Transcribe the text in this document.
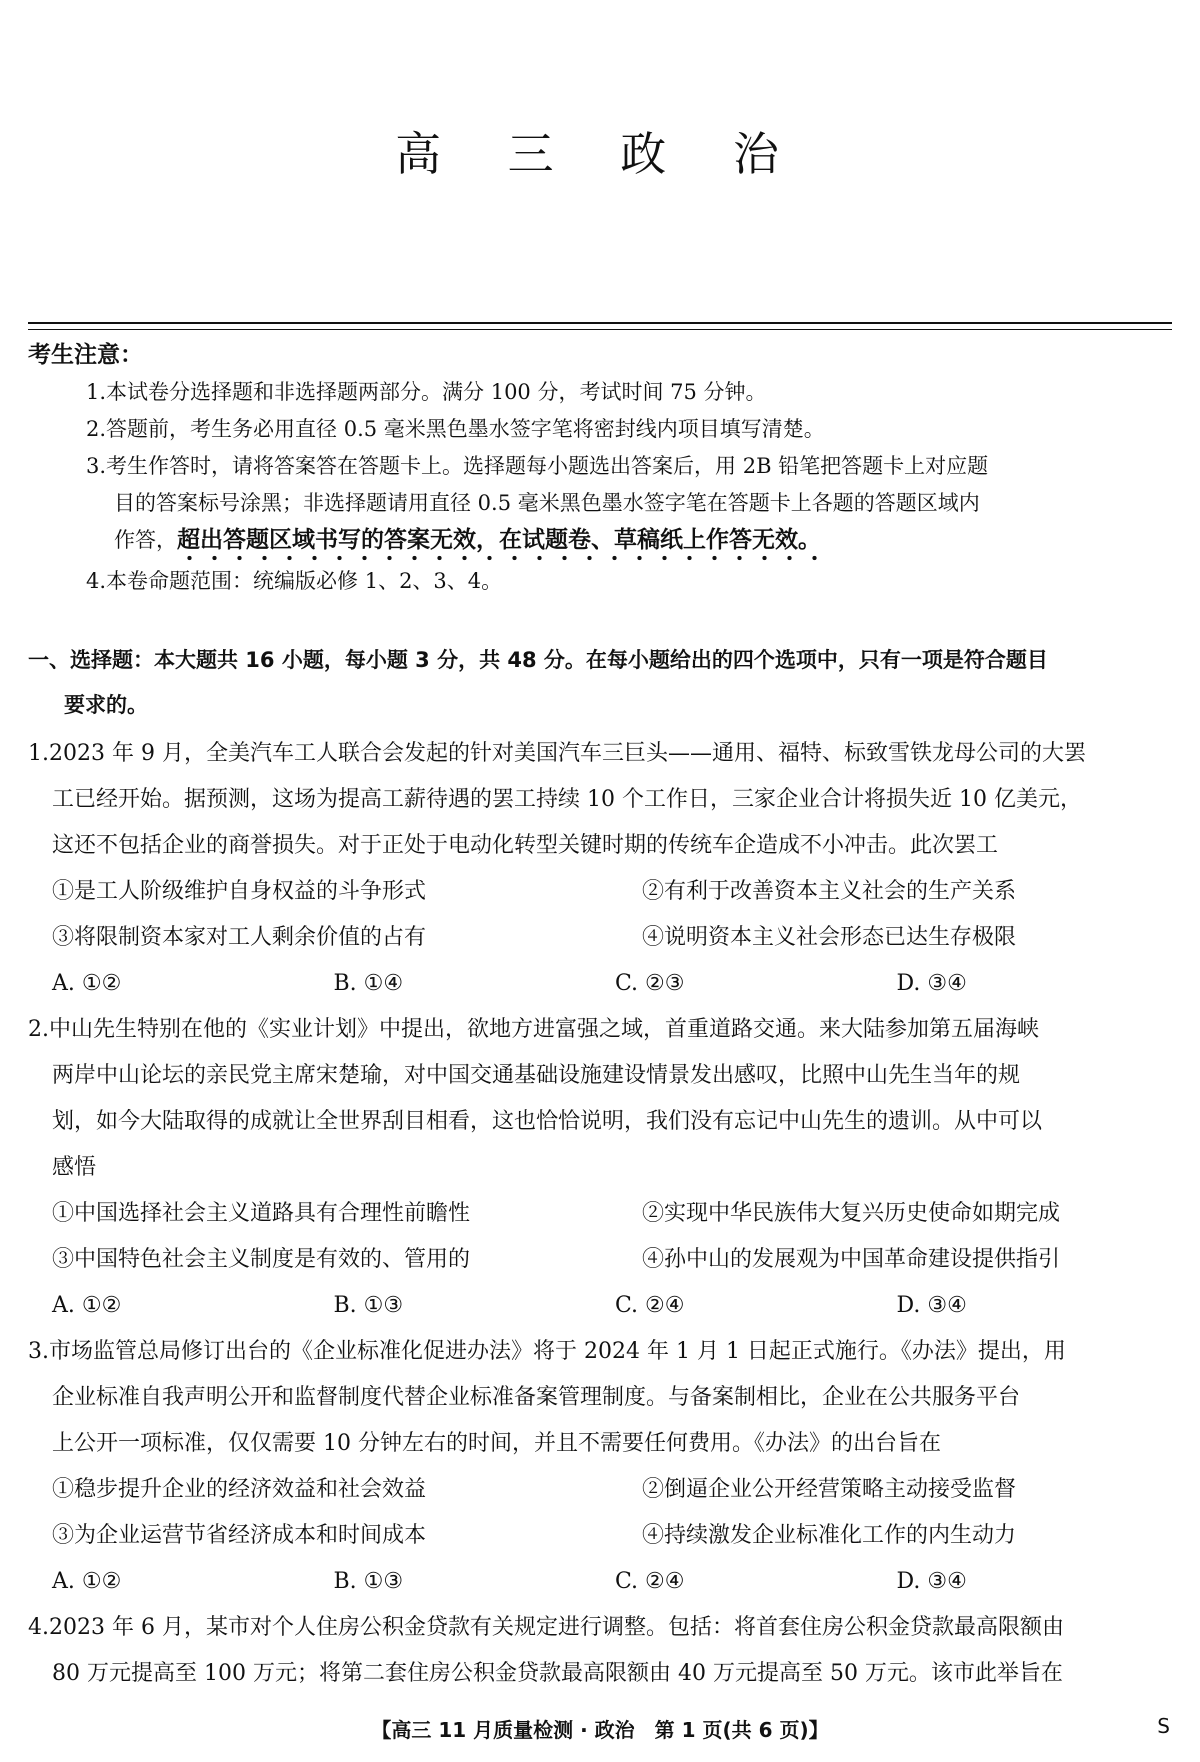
高 三 政 治
考生注意：
1.本试卷分选择题和非选择题两部分。满分 100 分，考试时间 75 分钟。
2.答题前，考生务必用直径 0.5 毫米黑色墨水签字笔将密封线内项目填写清楚。
3.考生作答时，请将答案答在答题卡上。选择题每小题选出答案后，用 2B 铅笔把答题卡上对应题
目的答案标号涂黑；非选择题请用直径 0.5 毫米黑色墨水签字笔在答题卡上各题的答题区域内
作答，超出答题区域书写的答案无效，在试题卷、草稿纸上作答无效。
4.本卷命题范围：统编版必修 1、2、3、4。
一、选择题：本大题共 16 小题，每小题 3 分，共 48 分。在每小题给出的四个选项中，只有一项是符合题目
要求的。
1.2023 年 9 月，全美汽车工人联合会发起的针对美国汽车三巨头——通用、福特、标致雪铁龙母公司的大罢
工已经开始。据预测，这场为提高工薪待遇的罢工持续 10 个工作日，三家企业合计将损失近 10 亿美元，
这还不包括企业的商誉损失。对于正处于电动化转型关键时期的传统车企造成不小冲击。此次罢工
①是工人阶级维护自身权益的斗争形式	②有利于改善资本主义社会的生产关系
③将限制资本家对工人剩余价值的占有	④说明资本主义社会形态已达生存极限
A. ①②	B. ①④	C. ②③	D. ③④
2.中山先生特别在他的《实业计划》中提出，欲地方进富强之域，首重道路交通。来大陆参加第五届海峡
两岸中山论坛的亲民党主席宋楚瑜，对中国交通基础设施建设情景发出感叹，比照中山先生当年的规
划，如今大陆取得的成就让全世界刮目相看，这也恰恰说明，我们没有忘记中山先生的遗训。从中可以
感悟
①中国选择社会主义道路具有合理性前瞻性	②实现中华民族伟大复兴历史使命如期完成
③中国特色社会主义制度是有效的、管用的	④孙中山的发展观为中国革命建设提供指引
A. ①②	B. ①③	C. ②④	D. ③④
3.市场监管总局修订出台的《企业标准化促进办法》将于 2024 年 1 月 1 日起正式施行。《办法》提出，用
企业标准自我声明公开和监督制度代替企业标准备案管理制度。与备案制相比，企业在公共服务平台
上公开一项标准，仅仅需要 10 分钟左右的时间，并且不需要任何费用。《办法》的出台旨在
①稳步提升企业的经济效益和社会效益	②倒逼企业公开经营策略主动接受监督
③为企业运营节省经济成本和时间成本	④持续激发企业标准化工作的内生动力
A. ①②	B. ①③	C. ②④	D. ③④
4.2023 年 6 月，某市对个人住房公积金贷款有关规定进行调整。包括：将首套住房公积金贷款最高限额由
80 万元提高至 100 万元；将第二套住房公积金贷款最高限额由 40 万元提高至 50 万元。该市此举旨在
【高三 11 月质量检测 · 政治　第 1 页(共 6 页)】	S
